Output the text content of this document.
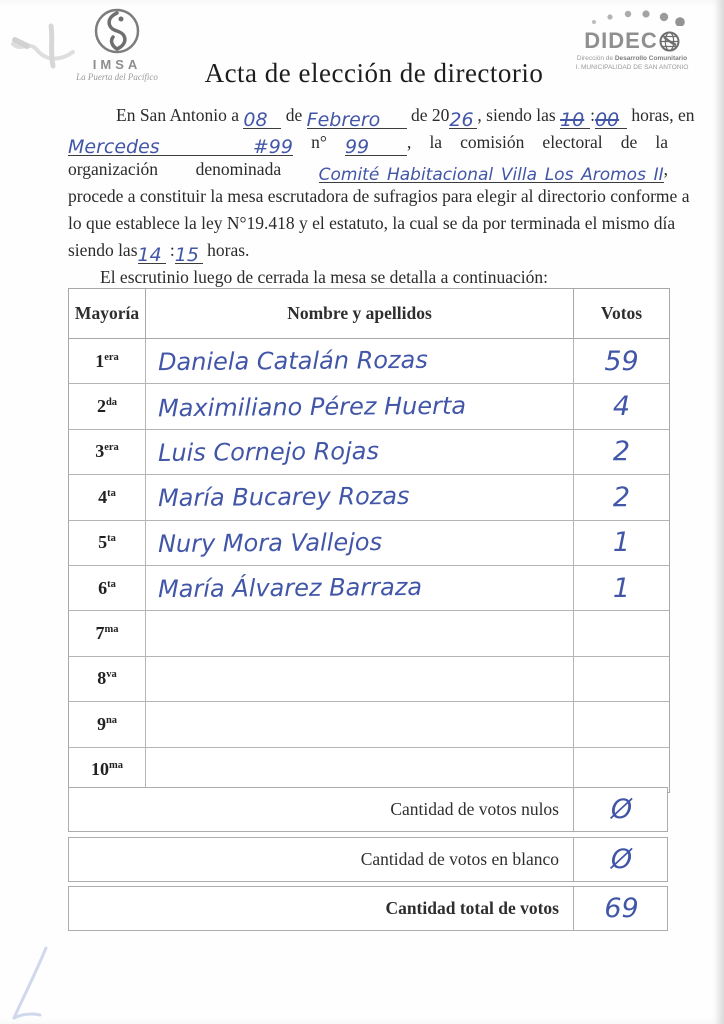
IMSA
La Puerta del Pacífico
DIDEC
Dirección de Desarrollo Comunitario
I. MUNICIPALIDAD DE SAN ANTONIO
Acta de elección de directorio
En San Antonio a 08 de Febrero de 2026 , siendo las 10 :00 horas, en
Mercedes #99 n° 99 , la comisión electoral de la
organización denominada Comité Habitacional Villa Los Aromos II,
procede a constituir la mesa escrutadora de sufragios para elegir al directorio conforme a
lo que establece la ley N°19.418 y el estatuto, la cual se da por terminada el mismo día
siendo las14 :15 horas.
El escrutinio luego de cerrada la mesa se detalla a continuación:
Mayoría	Nombre y apellidos	Votos
$1^{era}$ Daniela Catalán Rozas	59
$2^{da}$ Maximiliano Pérez Huerta	4
$3^{era}$ Luis Cornejo Rojas	2
$4^{ta}$ María Bucarey Rozas	2
$5^{ta}$ Nury Mora Vallejos	1
$6^{ta}$ María Álvarez Barraza	1
$7^{ma}$
$8^{va}$
$9^{na}$
$10^{ma}$
Cantidad de votos nulos	Ø
Cantidad de votos en blanco	Ø
Cantidad total de votos	69
